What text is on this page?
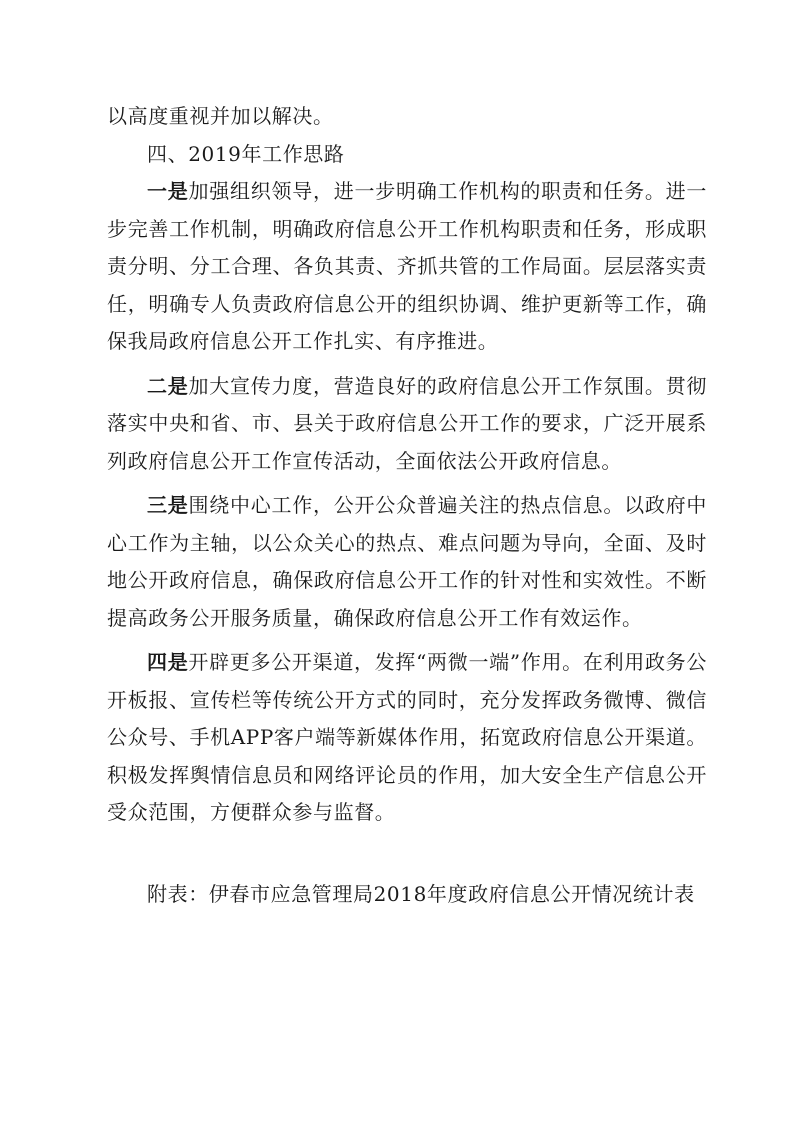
以高度重视并加以解决。

四、2019年工作思路

一是加强组织领导，进一步明确工作机构的职责和任务。进一步完善工作机制，明确政府信息公开工作机构职责和任务，形成职责分明、分工合理、各负其责、齐抓共管的工作局面。层层落实责任，明确专人负责政府信息公开的组织协调、维护更新等工作，确保我局政府信息公开工作扎实、有序推进。

二是加大宣传力度，营造良好的政府信息公开工作氛围。贯彻落实中央和省、市、县关于政府信息公开工作的要求，广泛开展系列政府信息公开工作宣传活动，全面依法公开政府信息。

三是围绕中心工作，公开公众普遍关注的热点信息。以政府中心工作为主轴，以公众关心的热点、难点问题为导向，全面、及时地公开政府信息，确保政府信息公开工作的针对性和实效性。不断提高政务公开服务质量，确保政府信息公开工作有效运作。

四是开辟更多公开渠道，发挥“两微一端”作用。在利用政务公开板报、宣传栏等传统公开方式的同时，充分发挥政务微博、微信公众号、手机APP客户端等新媒体作用，拓宽政府信息公开渠道。积极发挥舆情信息员和网络评论员的作用，加大安全生产信息公开受众范围，方便群众参与监督。

附表：伊春市应急管理局2018年度政府信息公开情况统计表
